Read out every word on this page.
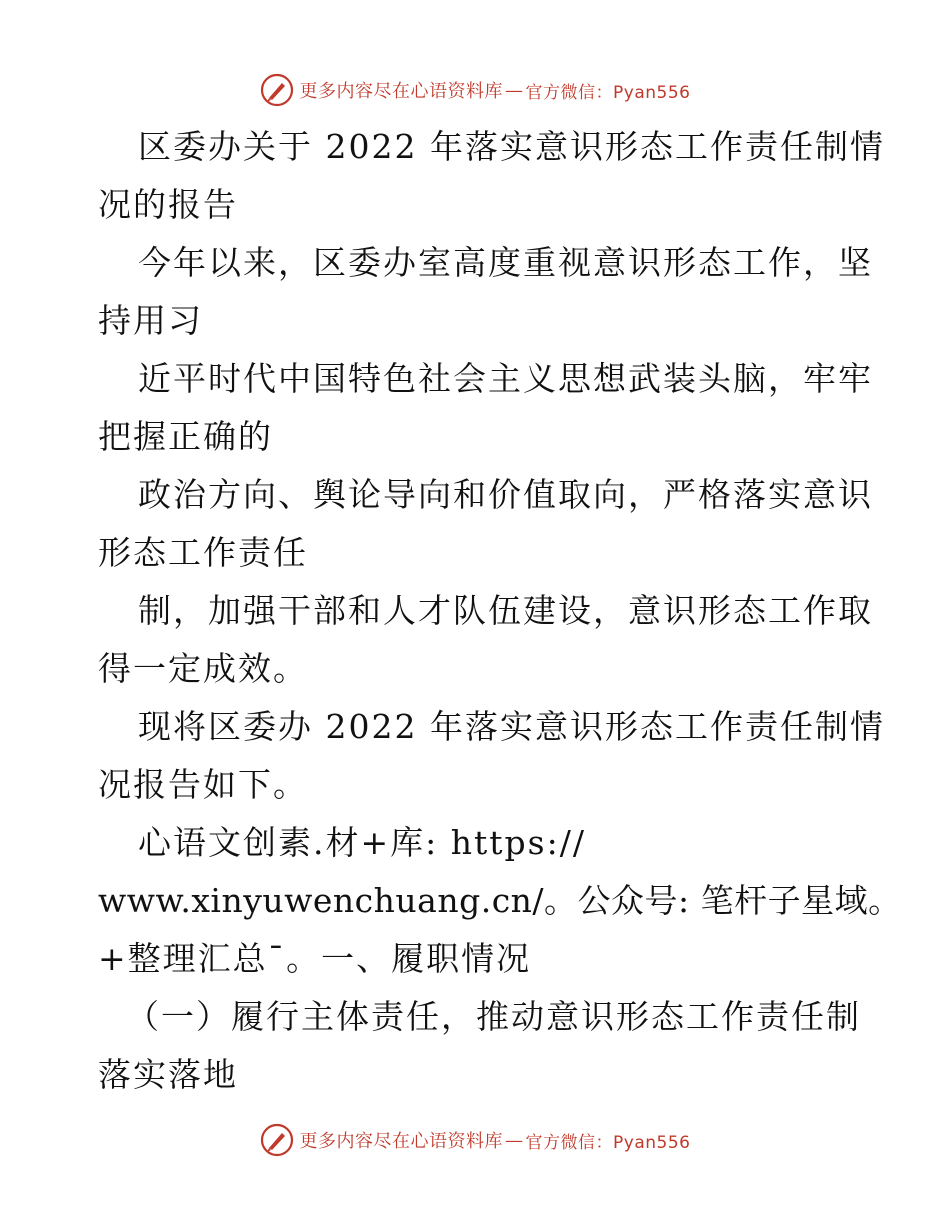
更多内容尽在心语资料库 — 官方微信：Pyan556
区委办关于 2022 年落实意识形态工作责任制情
况的报告
今年以来，区委办室高度重视意识形态工作，坚
持用习
近平时代中国特色社会主义思想武装头脑，牢牢
把握正确的
政治方向、舆论导向和价值取向，严格落实意识
形态工作责任
制，加强干部和人才队伍建设，意识形态工作取
得一定成效。
现将区委办 2022 年落实意识形态工作责任制情
况报告如下。
心语文创素.材+库: https://
www.xinyuwenchuang.cn/。公众号: 笔杆子星域。
+整理汇总¯。一、履职情况
（一）履行主体责任，推动意识形态工作责任制
落实落地
更多内容尽在心语资料库 — 官方微信：Pyan556
